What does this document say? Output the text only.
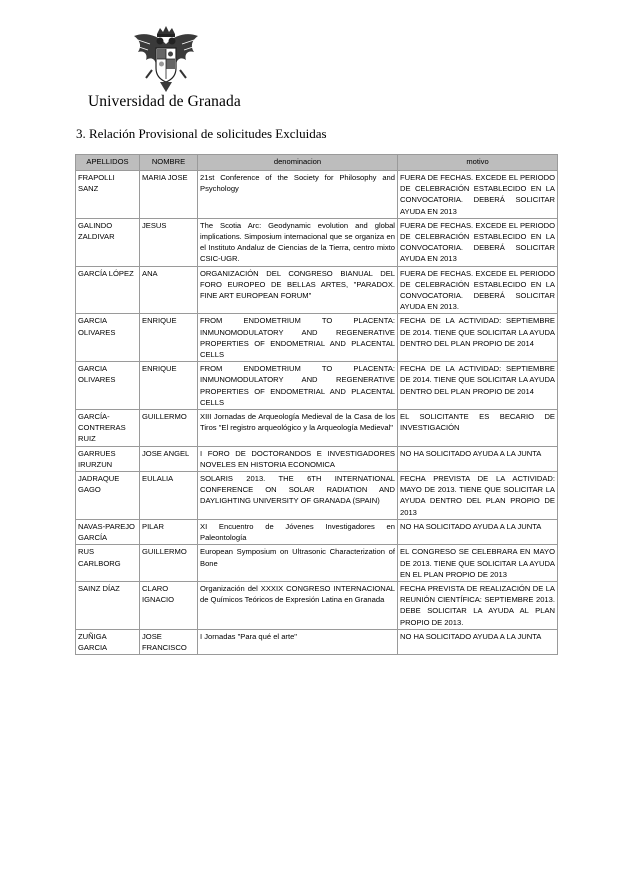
Universidad de Granada
3. Relación Provisional de solicitudes Excluidas
APELLIDOS	NOMBRE	denominacion	motivo
FRAPOLLI SANZ	MARIA JOSE	21st Conference of the Society for Philosophy and Psychology	FUERA DE FECHAS. EXCEDE EL PERIODO DE CELEBRACIÓN ESTABLECIDO EN LA CONVOCATORIA. DEBERÁ SOLICITAR AYUDA EN 2013
GALINDO ZALDIVAR	JESUS	The Scotia Arc: Geodynamic evolution and global implications. Simposium internacional que se organiza en el Instituto Andaluz de Ciencias de la Tierra, centro mixto CSIC-UGR.	FUERA DE FECHAS. EXCEDE EL PERIODO DE CELEBRACIÓN ESTABLECIDO EN LA CONVOCATORIA. DEBERÁ SOLICITAR AYUDA EN 2013
GARCÍA LÓPEZ	ANA	ORGANIZACIÓN DEL CONGRESO BIANUAL DEL FORO EUROPEO DE BELLAS ARTES, "PARADOX. FINE ART EUROPEAN FORUM"	FUERA DE FECHAS. EXCEDE EL PERIODO DE CELEBRACIÓN ESTABLECIDO EN LA CONVOCATORIA. DEBERÁ SOLICITAR AYUDA EN 2013.
GARCIA OLIVARES	ENRIQUE	FROM ENDOMETRIUM TO PLACENTA: INMUNOMODULATORY AND REGENERATIVE PROPERTIES OF ENDOMETRIAL AND PLACENTAL CELLS	FECHA DE LA ACTIVIDAD: SEPTIEMBRE DE 2014. TIENE QUE SOLICITAR LA AYUDA DENTRO DEL PLAN PROPIO DE 2014
GARCIA OLIVARES	ENRIQUE	FROM ENDOMETRIUM TO PLACENTA: INMUNOMODULATORY AND REGENERATIVE PROPERTIES OF ENDOMETRIAL AND PLACENTAL CELLS	FECHA DE LA ACTIVIDAD: SEPTIEMBRE DE 2014. TIENE QUE SOLICITAR LA AYUDA DENTRO DEL PLAN PROPIO DE 2014
GARCÍA-CONTRERAS RUIZ	GUILLERMO	XIII Jornadas de Arqueología Medieval de la Casa de los Tiros "El registro arqueológico y la Arqueología Medieval"	EL SOLICITANTE ES BECARIO DE INVESTIGACIÓN
GARRUES IRURZUN	JOSE ANGEL	I FORO DE DOCTORANDOS E INVESTIGADORES NOVELES EN HISTORIA ECONOMICA	NO HA SOLICITADO AYUDA A LA JUNTA
JADRAQUE GAGO	EULALIA	SOLARIS 2013. THE 6TH INTERNATIONAL CONFERENCE ON SOLAR RADIATION AND DAYLIGHTING UNIVERSITY OF GRANADA (SPAIN)	FECHA PREVISTA DE LA ACTIVIDAD: MAYO DE 2013. TIENE QUE SOLICITAR LA AYUDA DENTRO DEL PLAN PROPIO DE 2013
NAVAS-PAREJO GARCÍA	PILAR	XI Encuentro de Jóvenes Investigadores en Paleontología	NO HA SOLICITADO AYUDA A LA JUNTA
RUS CARLBORG	GUILLERMO	European Symposium on Ultrasonic Characterization of Bone	EL CONGRESO SE CELEBRARA EN MAYO DE 2013. TIENE QUE SOLICITAR LA AYUDA EN EL PLAN PROPIO DE 2013
SAINZ DÍAZ	CLARO IGNACIO	Organización del XXXIX CONGRESO INTERNACIONAL de Químicos Teóricos de Expresión Latina en Granada	FECHA PREVISTA DE REALIZACIÓN DE LA REUNIÓN CIENTÍFICA: SEPTIEMBRE 2013. DEBE SOLICITAR LA AYUDA AL PLAN PROPIO DE 2013.
ZUÑIGA GARCIA	JOSE FRANCISCO	I Jornadas "Para qué el arte"	NO HA SOLICITADO AYUDA A LA JUNTA
